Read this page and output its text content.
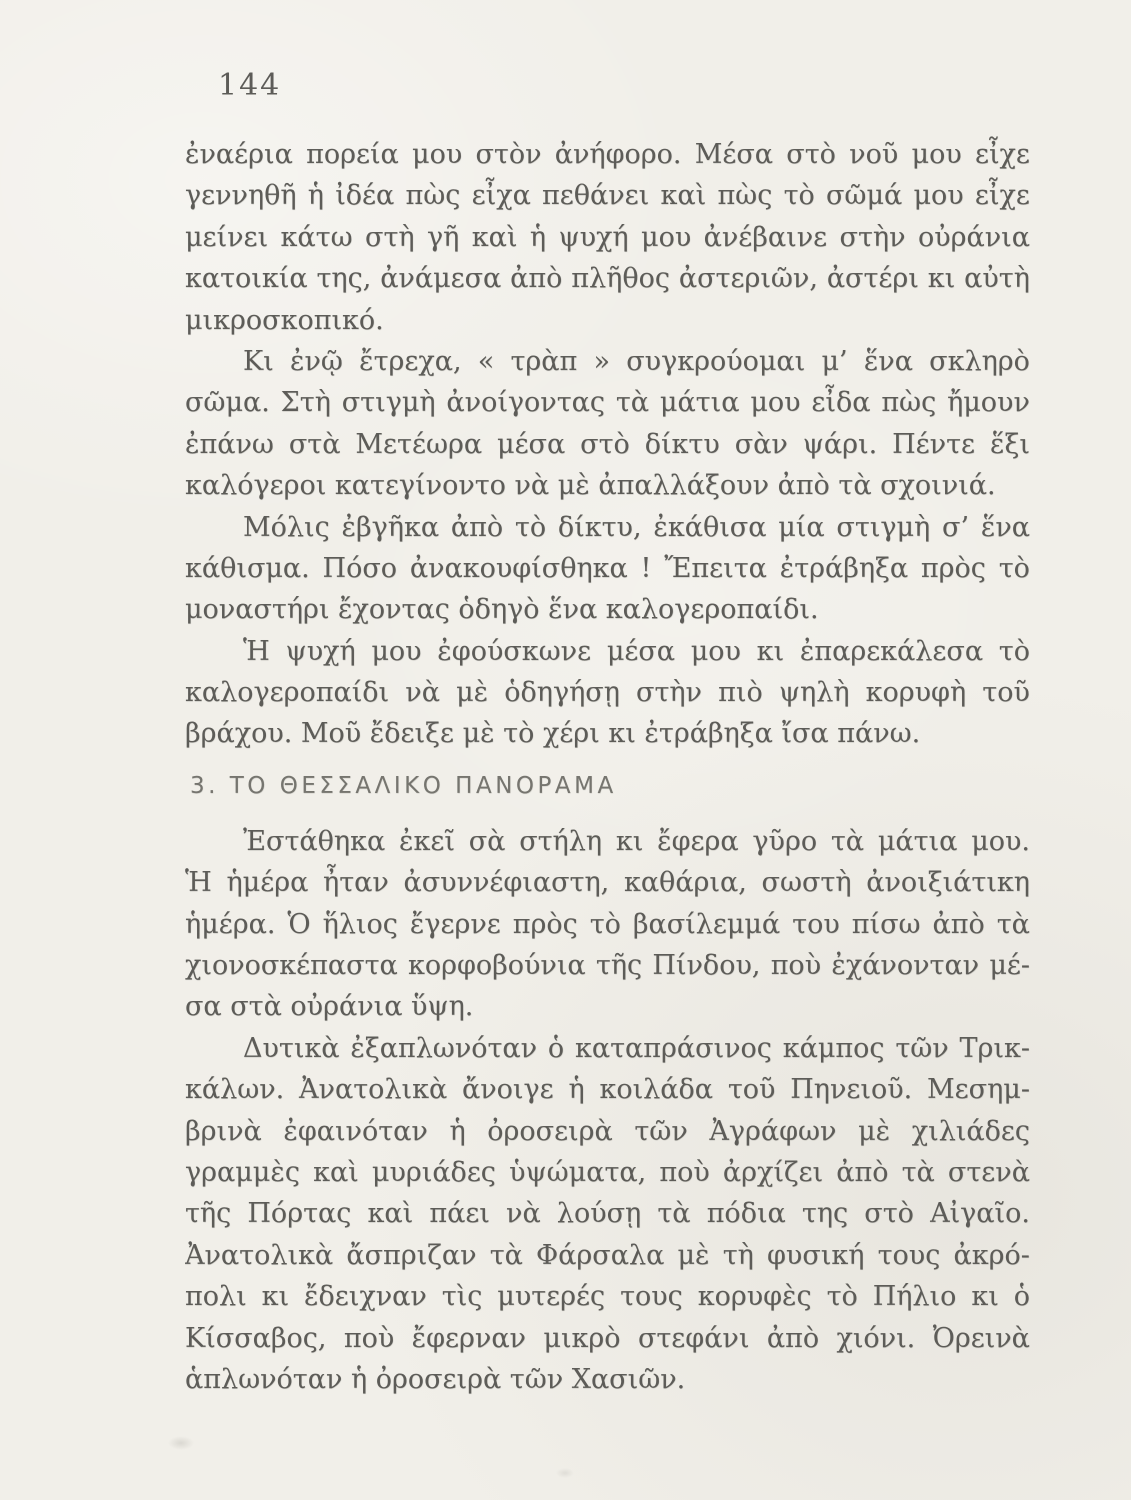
144
ἐναέρια πορεία μου στὸν ἀνήφορο. Μέσα στὸ νοῦ μου εἶχε
γεννηθῆ ἡ ἰδέα πὼς εἶχα πεθάνει καὶ πὼς τὸ σῶμά μου εἶχε
μείνει κάτω στὴ γῆ καὶ ἡ ψυχή μου ἀνέβαινε στὴν οὐράνια
κατοικία της, ἀνάμεσα ἀπὸ πλῆθος ἀστεριῶν, ἀστέρι κι αὐτὴ
μικροσκοπικό.
Κι ἐνῷ ἔτρεχα, « τρὰπ » συγκρούομαι μ’ ἕνα σκληρὸ
σῶμα. Στὴ στιγμὴ ἀνοίγοντας τὰ μάτια μου εἶδα πὼς ἤμουν
ἐπάνω στὰ Μετέωρα μέσα στὸ δίκτυ σὰν ψάρι. Πέντε ἕξι
καλόγεροι κατεγίνοντο νὰ μὲ ἀπαλλάξουν ἀπὸ τὰ σχοινιά.
Μόλις ἐβγῆκα ἀπὸ τὸ δίκτυ, ἐκάθισα μία στιγμὴ σ’ ἕνα
κάθισμα. Πόσο ἀνακουφίσθηκα ! Ἔπειτα ἐτράβηξα πρὸς τὸ
μοναστήρι ἔχοντας ὁδηγὸ ἕνα καλογεροπαίδι.
Ἡ ψυχή μου ἐφούσκωνε μέσα μου κι ἐπαρεκάλεσα τὸ
καλογεροπαίδι νὰ μὲ ὁδηγήσῃ στὴν πιὸ ψηλὴ κορυφὴ τοῦ
βράχου. Μοῦ ἔδειξε μὲ τὸ χέρι κι ἐτράβηξα ἴσα πάνω.
3. ΤΟ ΘΕΣΣΑΛΙΚΟ ΠΑΝΟΡΑΜΑ
Ἐστάθηκα ἐκεῖ σὰ στήλη κι ἔφερα γῦρο τὰ μάτια μου.
Ἡ ἡμέρα ἦταν ἀσυννέφιαστη, καθάρια, σωστὴ ἀνοιξιάτικη
ἡμέρα. Ὁ ἥλιος ἔγερνε πρὸς τὸ βασίλεμμά του πίσω ἀπὸ τὰ
χιονοσκέπαστα κορφοβούνια τῆς Πίνδου, ποὺ ἐχάνονταν μέ-
σα στὰ οὐράνια ὕψη.
Δυτικὰ ἐξαπλωνόταν ὁ καταπράσινος κάμπος τῶν Τρικ-
κάλων. Ἀνατολικὰ ἄνοιγε ἡ κοιλάδα τοῦ Πηνειοῦ. Μεσημ-
βρινὰ ἐφαινόταν ἡ ὀροσειρὰ τῶν Ἀγράφων μὲ χιλιάδες
γραμμὲς καὶ μυριάδες ὑψώματα, ποὺ ἀρχίζει ἀπὸ τὰ στενὰ
τῆς Πόρτας καὶ πάει νὰ λούσῃ τὰ πόδια της στὸ Αἰγαῖο.
Ἀνατολικὰ ἄσπριζαν τὰ Φάρσαλα μὲ τὴ φυσική τους ἀκρό-
πολι κι ἔδειχναν τὶς μυτερές τους κορυφὲς τὸ Πήλιο κι ὁ
Κίσσαβος, ποὺ ἔφερναν μικρὸ στεφάνι ἀπὸ χιόνι. Ὀρεινὰ
ἁπλωνόταν ἡ ὀροσειρὰ τῶν Χασιῶν.
